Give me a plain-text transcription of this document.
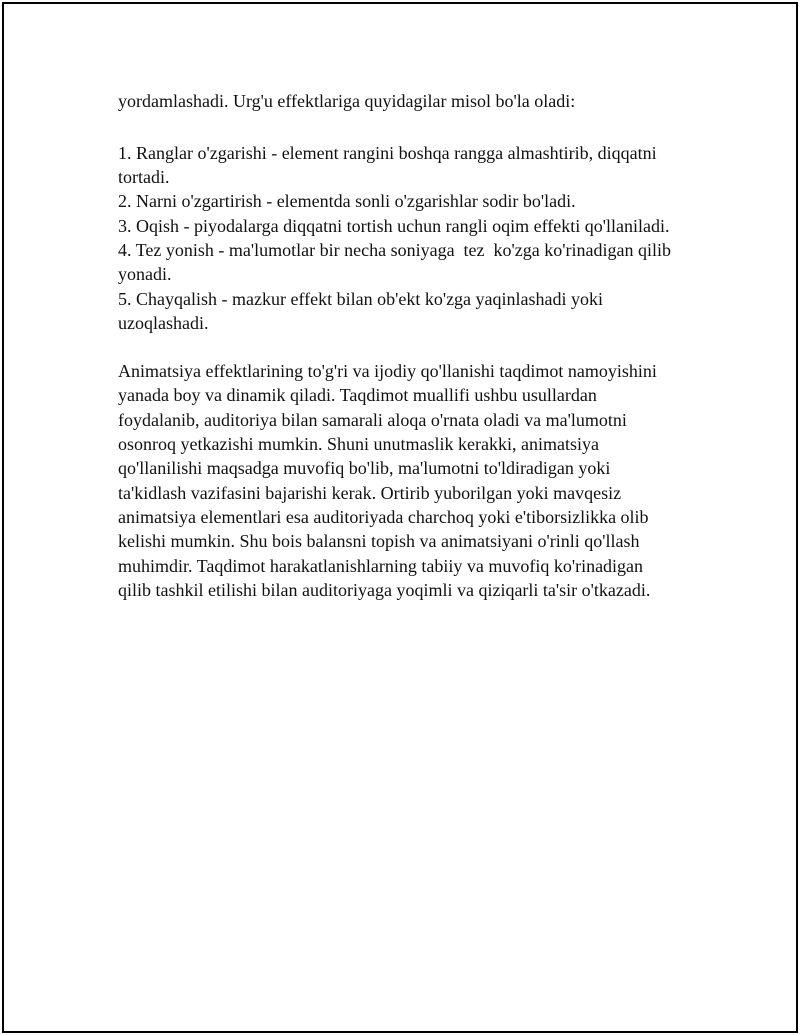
yordamlashadi. Urg'u effektlariga quyidagilar misol bo'la oladi:
1. Ranglar o'zgarishi - element rangini boshqa rangga almashtirib, diqqatni
tortadi.
2. Narni o'zgartirish - elementda sonli o'zgarishlar sodir bo'ladi.
3. Oqish - piyodalarga diqqatni tortish uchun rangli oqim effekti qo'llaniladi.
4. Tez yonish - ma'lumotlar bir necha soniyaga  tez  ko'zga ko'rinadigan qilib
yonadi.
5. Chayqalish - mazkur effekt bilan ob'ekt ko'zga yaqinlashadi yoki
uzoqlashadi.
Animatsiya effektlarining to'g'ri va ijodiy qo'llanishi taqdimot namoyishini
yanada boy va dinamik qiladi. Taqdimot muallifi ushbu usullardan
foydalanib, auditoriya bilan samarali aloqa o'rnata oladi va ma'lumotni
osonroq yetkazishi mumkin. Shuni unutmaslik kerakki, animatsiya
qo'llanilishi maqsadga muvofiq bo'lib, ma'lumotni to'ldiradigan yoki
ta'kidlash vazifasini bajarishi kerak. Ortirib yuborilgan yoki mavqesiz
animatsiya elementlari esa auditoriyada charchoq yoki e'tiborsizlikka olib
kelishi mumkin. Shu bois balansni topish va animatsiyani o'rinli qo'llash
muhimdir. Taqdimot harakatlanishlarning tabiiy va muvofiq ko'rinadigan
qilib tashkil etilishi bilan auditoriyaga yoqimli va qiziqarli ta'sir o'tkazadi.
